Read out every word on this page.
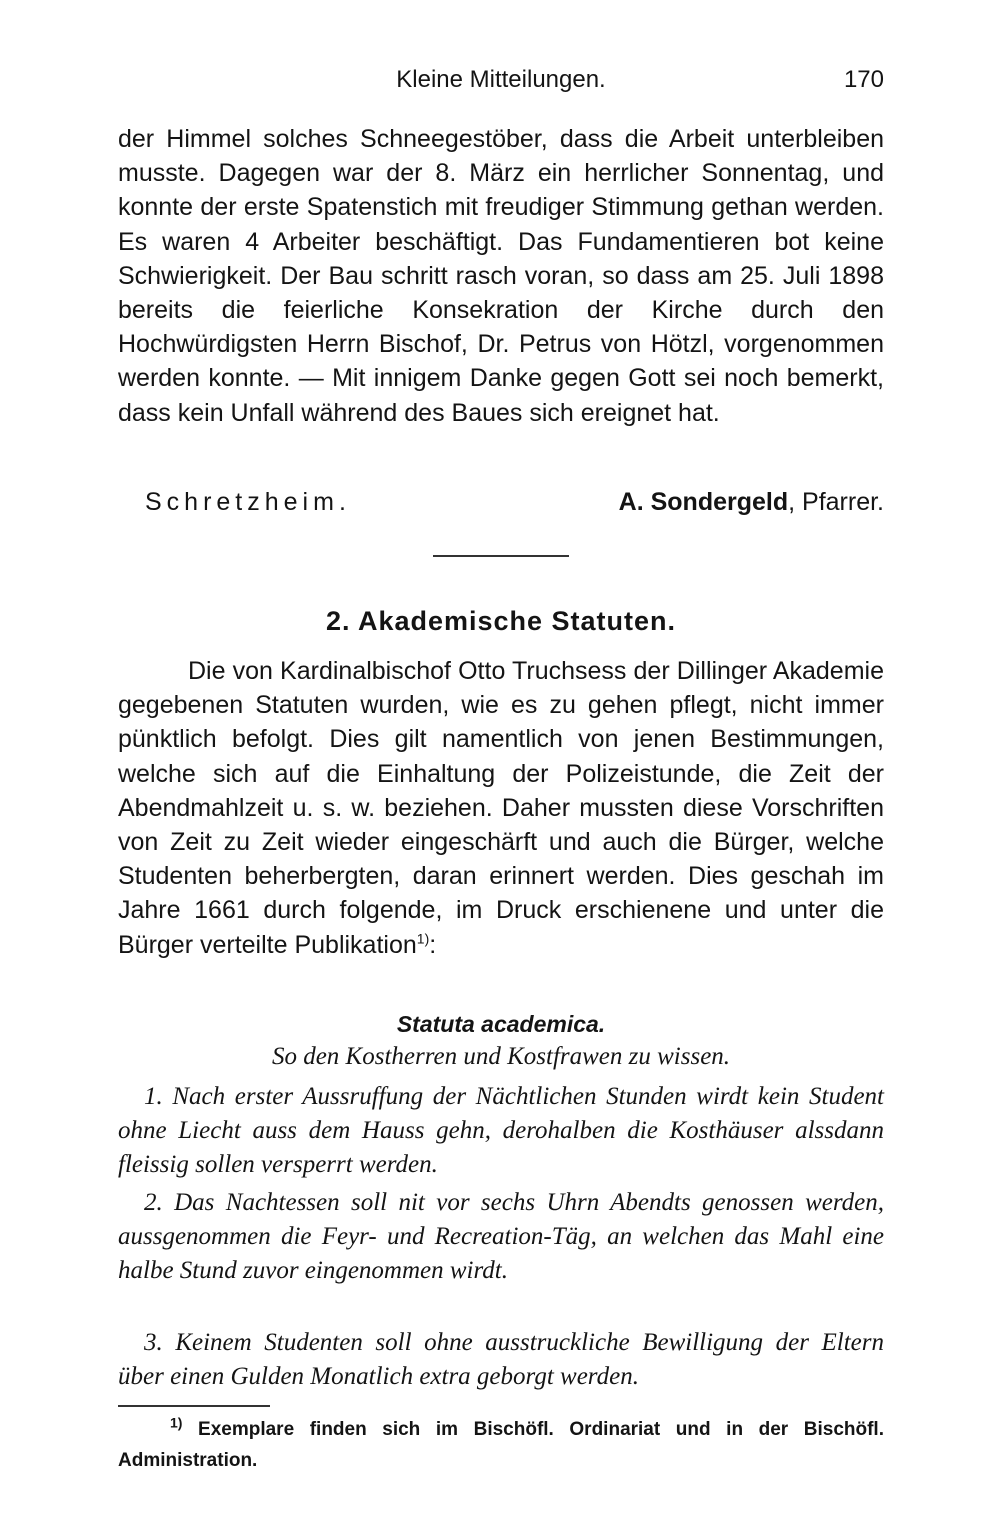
Kleine Mitteilungen.	170
der Himmel solches Schneegestöber, dass die Arbeit unterbleiben musste. Dagegen war der 8. März ein herrlicher Sonnentag, und konnte der erste Spatenstich mit freudiger Stimmung gethan werden. Es waren 4 Arbeiter beschäftigt. Das Fundamentieren bot keine Schwierigkeit. Der Bau schritt rasch voran, so dass am 25. Juli 1898 bereits die feierliche Konsekration der Kirche durch den Hochwürdigsten Herrn Bischof, Dr. Petrus von Hötzl, vorgenommen werden konnte. — Mit innigem Danke gegen Gott sei noch bemerkt, dass kein Unfall während des Baues sich ereignet hat.
Schretzheim.	A. Sondergeld, Pfarrer.
2. Akademische Statuten.
Die von Kardinalbischof Otto Truchsess der Dillinger Akademie gegebenen Statuten wurden, wie es zu gehen pflegt, nicht immer pünktlich befolgt. Dies gilt namentlich von jenen Bestimmungen, welche sich auf die Einhaltung der Polizeistunde, die Zeit der Abendmahlzeit u. s. w. beziehen. Daher mussten diese Vorschriften von Zeit zu Zeit wieder eingeschärft und auch die Bürger, welche Studenten beherbergten, daran erinnert werden. Dies geschah im Jahre 1661 durch folgende, im Druck erschienene und unter die Bürger verteilte Publikation$^{1)}$:
Statuta academica.
So den Kostherren und Kostfrawen zu wissen.
1. Nach erster Aussruffung der Nächtlichen Stunden wirdt kein Student ohne Liecht auss dem Hauss gehn, derohalben die Kosthäuser alssdann fleissig sollen versperrt werden.
2. Das Nachtessen soll nit vor sechs Uhrn Abendts genossen werden, aussgenommen die Feyr- und Recreation-Täg, an welchen das Mahl eine halbe Stund zuvor eingenommen wirdt.
3. Keinem Studenten soll ohne ausstruckliche Bewilligung der Eltern über einen Gulden Monatlich extra geborgt werden.
$^{1)}$ Exemplare finden sich im Bischöfl. Ordinariat und in der Bischöfl. Administration.
